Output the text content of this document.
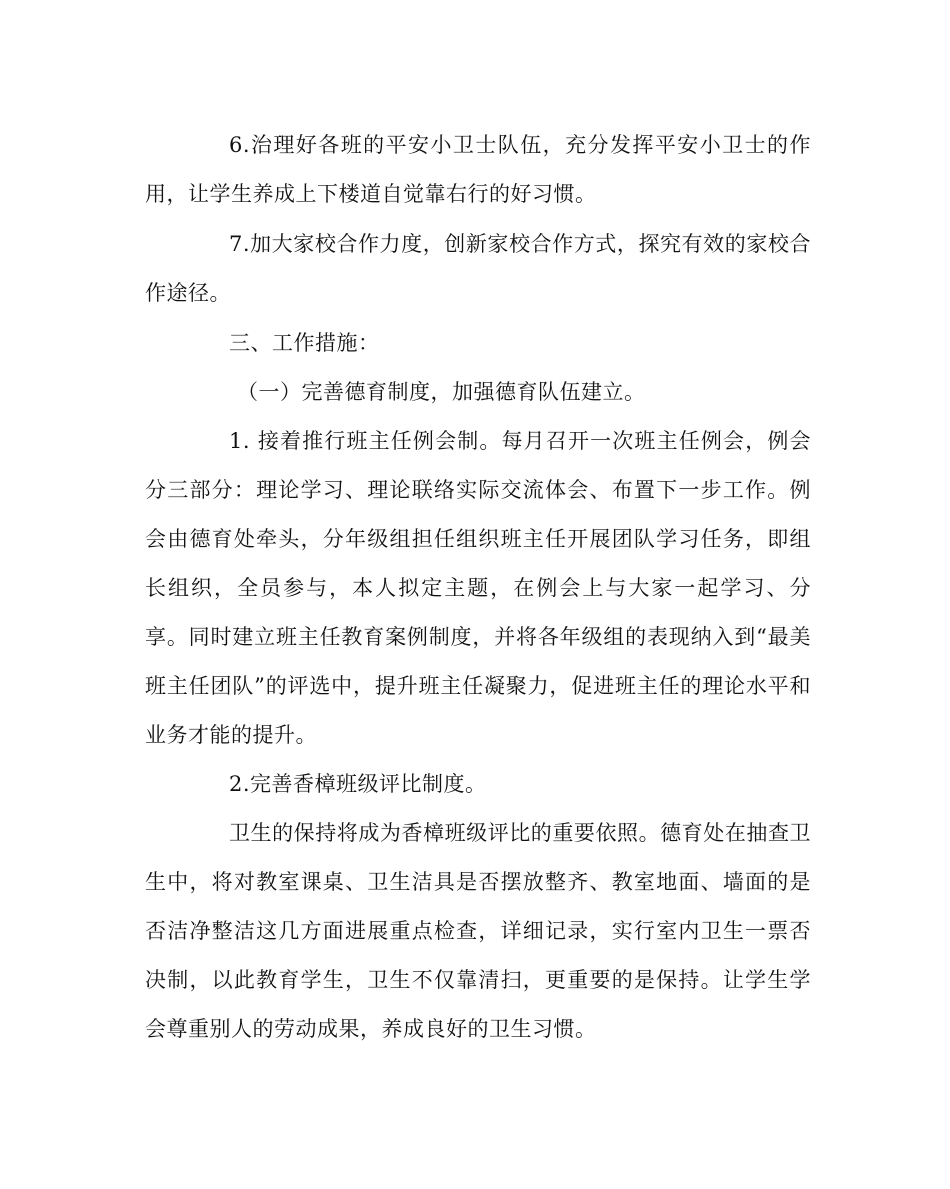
6.治理好各班的平安小卫士队伍，充分发挥平安小卫士的作用，让学生养成上下楼道自觉靠右行的好习惯。

7.加大家校合作力度，创新家校合作方式，探究有效的家校合作途径。

三、工作措施：

（一）完善德育制度，加强德育队伍建立。

1. 接着推行班主任例会制。每月召开一次班主任例会，例会分三部分：理论学习、理论联络实际交流体会、布置下一步工作。例会由德育处牵头，分年级组担任组织班主任开展团队学习任务，即组长组织，全员参与，本人拟定主题，在例会上与大家一起学习、分享。同时建立班主任教育案例制度，并将各年级组的表现纳入到“最美班主任团队”的评选中，提升班主任凝聚力，促进班主任的理论水平和业务才能的提升。

2.完善香樟班级评比制度。

卫生的保持将成为香樟班级评比的重要依照。德育处在抽查卫生中，将对教室课桌、卫生洁具是否摆放整齐、教室地面、墙面的是否洁净整洁这几方面进展重点检查，详细记录，实行室内卫生一票否决制，以此教育学生，卫生不仅靠清扫，更重要的是保持。让学生学会尊重别人的劳动成果，养成良好的卫生习惯。
